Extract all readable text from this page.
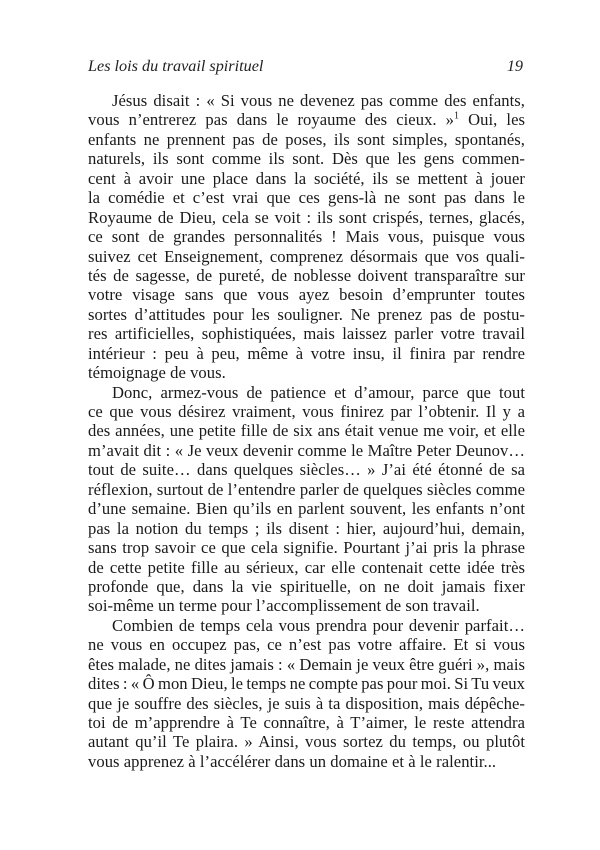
Les lois du travail spirituel	19
Jésus disait : « Si vous ne devenez pas comme des enfants,
vous n’entrerez pas dans le royaume des cieux. »$^1$ Oui, les
enfants ne prennent pas de poses, ils sont simples, spontanés,
naturels, ils sont comme ils sont. Dès que les gens commen-
cent à avoir une place dans la société, ils se mettent à jouer
la comédie et c’est vrai que ces gens-là ne sont pas dans le
Royaume de Dieu, cela se voit : ils sont crispés, ternes, glacés,
ce sont de grandes personnalités ! Mais vous, puisque vous
suivez cet Enseignement, comprenez désormais que vos quali-
tés de sagesse, de pureté, de noblesse doivent transparaître sur
votre visage sans que vous ayez besoin d’emprunter toutes
sortes d’attitudes pour les souligner. Ne prenez pas de postu-
res artificielles, sophistiquées, mais laissez parler votre travail
intérieur : peu à peu, même à votre insu, il finira par rendre
témoignage de vous.
Donc, armez-vous de patience et d’amour, parce que tout
ce que vous désirez vraiment, vous finirez par l’obtenir. Il y a
des années, une petite fille de six ans était venue me voir, et elle
m’avait dit : « Je veux devenir comme le Maître Peter Deunov…
tout de suite… dans quelques siècles… » J’ai été étonné de sa
réflexion, surtout de l’entendre parler de quelques siècles comme
d’une semaine. Bien qu’ils en parlent souvent, les enfants n’ont
pas la notion du temps ; ils disent : hier, aujourd’hui, demain,
sans trop savoir ce que cela signifie. Pourtant j’ai pris la phrase
de cette petite fille au sérieux, car elle contenait cette idée très
profonde que, dans la vie spirituelle, on ne doit jamais fixer
soi-même un terme pour l’accomplissement de son travail.
Combien de temps cela vous prendra pour devenir parfait…
ne vous en occupez pas, ce n’est pas votre affaire. Et si vous
êtes malade, ne dites jamais : « Demain je veux être guéri », mais
dites : « Ô mon Dieu, le temps ne compte pas pour moi. Si Tu veux
que je souffre des siècles, je suis à ta disposition, mais dépêche-
toi de m’apprendre à Te connaître, à T’aimer, le reste attendra
autant qu’il Te plaira. » Ainsi, vous sortez du temps, ou plutôt
vous apprenez à l’accélérer dans un domaine et à le ralentir...
